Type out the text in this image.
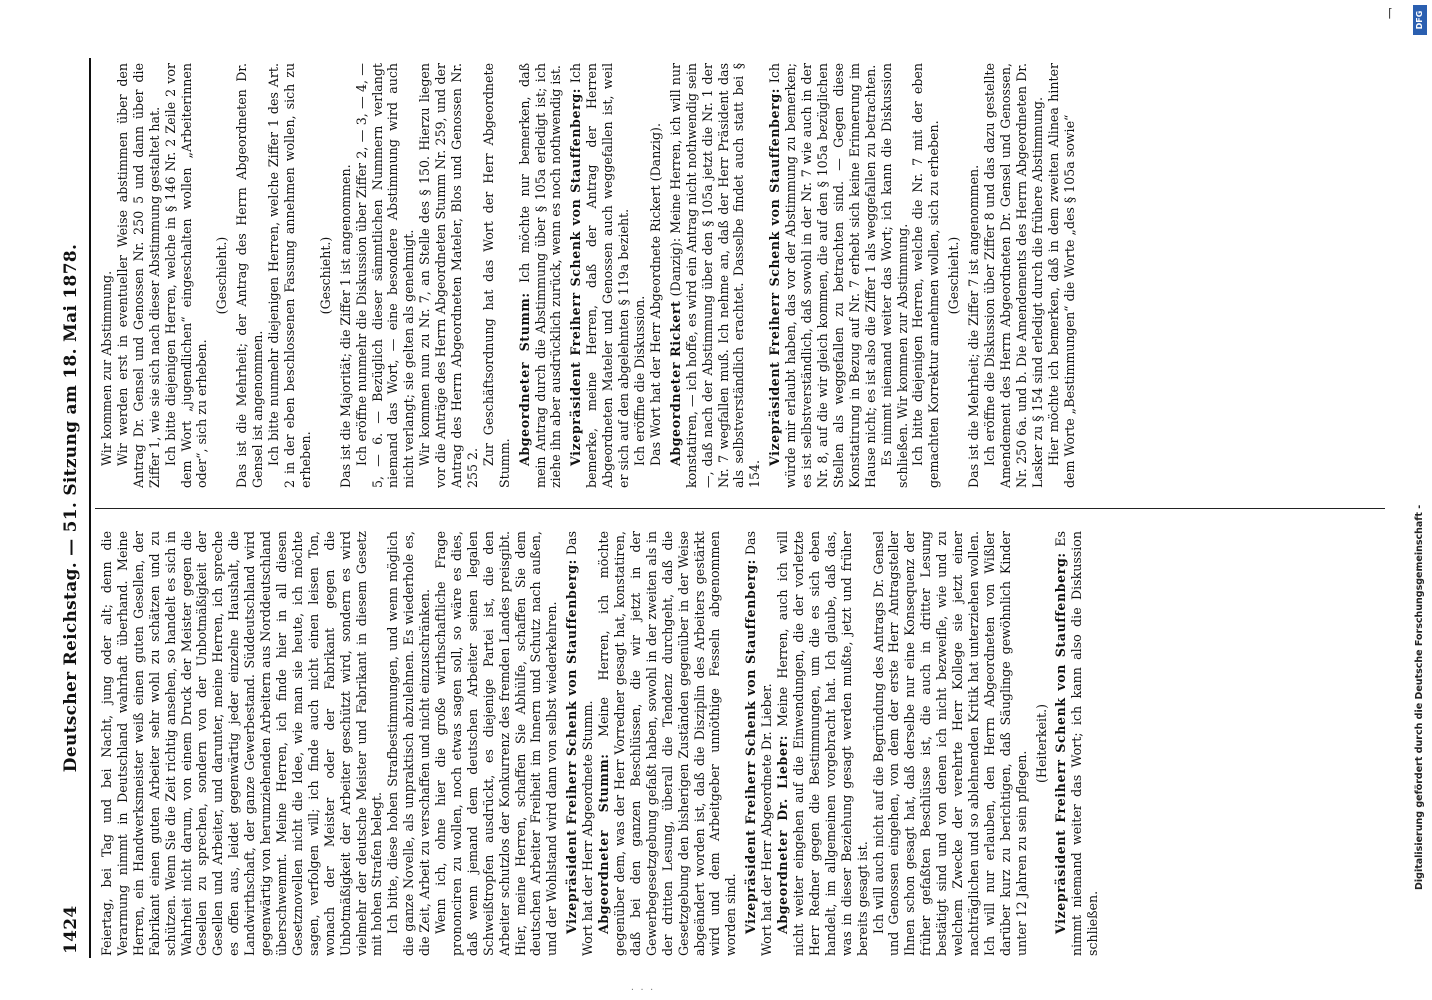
1424
Deutscher Reichstag. — 51. Sitzung am 18. Mai 1878. Feiertag, bei Tag und bei Nacht, jung oder alt; denn die Verarmung nimmt in Deutschland wahrhaft überhand. Meine Herren, ein Handwerksmeister weiß einen guten Gesellen, der Fabrikant einen guten Arbeiter sehr wohl zu schätzen und zu schützen. Wenn Sie die Zeit richtig ansehen, so handelt es sich in Wahrheit nicht darum, von einem Druck der Meister gegen die Gesellen zu sprechen, sondern von der Unbotmäßigkeit der Gesellen und Arbeiter, und darunter, meine Herren, ich spreche es offen aus, leidet gegenwärtig jeder einzelne Haushalt, die Landwirthschaft, der ganze Gewerbestand. Süddeutschland wird gegenwärtig von herumziehenden Arbeitern aus Norddeutschland überschwemmt. Meine Herren, ich finde hier in all diesen Gesetznovellen nicht die Idee, wie man sie heute, ich möchte sagen, verfolgen will; ich finde auch nicht einen leisen Ton, wonach der Meister oder der Fabrikant gegen die Unbotmäßigkeit der Arbeiter geschützt wird, sondern es wird vielmehr der deutsche Meister und Fabrikant in diesem Gesetz mit hohen Strafen belegt. Ich bitte, diese hohen Strafbestimmungen, und wenn möglich die ganze Novelle, als unpraktisch abzulehnen. Es wiederhole es, die Zeit, Arbeit zu verschaffen und nicht einzuschränken. Wenn ich, ohne hier die große wirthschaftliche Frage prononciren zu wollen, noch etwas sagen soll, so wäre es dies, daß wenn jemand dem deutschen Arbeiter seinen legalen Schweißtropfen ausdrückt, es diejenige Partei ist, die den Arbeiter schutzlos der Konkurrenz des fremden Landes preisgibt. Hier, meine Herren, schaffen Sie Abhülfe, schaffen Sie dem deutschen Arbeiter Freiheit im Innern und Schutz nach außen, und der Wohlstand wird dann von selbst wiederkehren. Vizepräsident Freiherr Schenk von Stauffenberg: Das Wort hat der Herr Abgeordnete Stumm. Abgeordneter Stumm: Meine Herren, ich möchte gegenüber dem, was der Herr Vorredner gesagt hat, konstatiren, daß bei den ganzen Beschlüssen, die wir jetzt in der Gewerbegesetzgebung gefaßt haben, sowohl in der zweiten als in der dritten Lesung, überall die Tendenz durchgeht, daß die Gesetzgebung den bisherigen Zuständen gegenüber in der Weise abgeändert worden ist, daß die Disziplin des Arbeiters gestärkt wird und dem Arbeitgeber unnöthige Fesseln abgenommen worden sind. Vizepräsident Freiherr Schenk von Stauffenberg: Das Wort hat der Herr Abgeordnete Dr. Lieber. Abgeordneter Dr. Lieber: Meine Herren, auch ich will nicht weiter eingehen auf die Einwendungen, die der vorletzte Herr Redner gegen die Bestimmungen, um die es sich eben handelt, im allgemeinen vorgebracht hat. Ich glaube, daß das, was in dieser Beziehung gesagt werden mußte, jetzt und früher bereits gesagt ist. Ich will auch nicht auf die Begründung des Antrags Dr. Gensel und Genossen eingehen, von dem der erste Herr Antragsteller Ihnen schon gesagt hat, daß derselbe nur eine Konsequenz der früher gefaßten Beschlüsse ist, die auch in dritter Lesung bestätigt sind und von denen ich nicht bezweifle, wie und zu welchem Zwecke der verehrte Herr Kollege sie jetzt einer nachträglichen und so ablehnenden Kritik hat unterziehen wollen. Ich will nur erlauben, den Herrn Abgeordneten von Wißler darüber kurz zu berichtigen, daß Säuglinge gewöhnlich Kinder unter 12 Jahren zu sein pflegen.

(Heiterkeit.) Vizepräsident Freiherr Schenk von Stauffenberg: Es nimmt niemand weiter das Wort; ich kann also die Diskussion schließen.

Wir kommen zur Abstimmung. Wir werden erst in eventueller Weise abstimmen über den Antrag Dr. Gensel und Genossen Nr. 250 5 und dann über die Ziffer 1, wie sie sich nach dieser Abstimmung gestaltet hat. Ich bitte diejenigen Herren, welche in § 146 Nr. 2 Zeile 2 vor dem Wort „jugendlichen“ eingeschalten wollen „Arbeiterinnen oder“, sich zu erheben.

(Geschieht.) Das ist die Mehrheit; der Antrag des Herrn Abgeordneten Dr. Gensel ist angenommen. Ich bitte nunmehr diejenigen Herren, welche Ziffer 1 des Art. 2 in der eben beschlossenen Fassung annehmen wollen, sich zu erheben.

(Geschieht.) Das ist die Majorität; die Ziffer 1 ist angenommen. Ich eröffne nunmehr die Diskussion über Ziffer 2, — 3, — 4, — 5, — 6. — Bezüglich dieser sämmtlichen Nummern verlangt niemand das Wort, — eine besondere Abstimmung wird auch nicht verlangt; sie gelten als genehmigt. Wir kommen nun zu Nr. 7, an Stelle des § 150. Hierzu liegen vor die Anträge des Herrn Abgeordneten Stumm Nr. 259, und der Antrag des Herrn Abgeordneten Mateler, Blos und Genossen Nr. 255 2.

Zur Geschäftsordnung hat das Wort der Herr Abgeordnete Stumm. Abgeordneter Stumm: Ich möchte nur bemerken, daß mein Antrag durch die Abstimmung über § 105a erledigt ist; ich ziehe ihn aber ausdrücklich zurück, wenn es noch nothwendig ist. Vizepräsident Freiherr Schenk von Stauffenberg: Ich bemerke, meine Herren, daß der Antrag der Herren Abgeordneten Mateler und Genossen auch weggefallen ist, weil er sich auf den abgelehnten § 119a bezieht. Ich eröffne die Diskussion. Das Wort hat der Herr Abgeordnete Rickert (Danzig). Abgeordneter Rickert (Danzig): Meine Herren, ich will nur konstatiren, — ich hoffe, es wird ein Antrag nicht nothwendig sein —, daß nach der Abstimmung über den § 105a jetzt die Nr. 1 der Nr. 7 wegfallen muß. Ich nehme an, daß der Herr Präsident das als selbstverständlich erachtet. Dasselbe findet auch statt bei § 154.

Vizepräsident Freiherr Schenk von Stauffenberg: Ich würde mir erlaubt haben, das vor der Abstimmung zu bemerken; es ist selbstverständlich, daß sowohl in der Nr. 7 wie auch in der Nr. 8, auf die wir gleich kommen, die auf den § 105a bezüglichen Stellen als weggefallen zu betrachten sind. — Gegen diese Konstatirung in Bezug auf Nr. 7 erhebt sich keine Erinnerung im Hause nicht; es ist also die Ziffer 1 als weggefallen zu betrachten. Es nimmt niemand weiter das Wort; ich kann die Diskussion schließen. Wir kommen zur Abstimmung. Ich bitte diejenigen Herren, welche die Nr. 7 mit der eben gemachten Korrektur annehmen wollen, sich zu erheben. (Geschieht.) Das ist die Mehrheit; die Ziffer 7 ist angenommen. Ich eröffne die Diskussion über Ziffer 8 und das dazu gestellte Amendement des Herrn Abgeordneten Dr. Gensel und Genossen, Nr. 250 6a. und b. Die Amendements des Herrn Abgeordneten Dr. Lasker zu § 154 sind erledigt durch die frühere Abstimmung. Hier möchte ich bemerken, daß in dem zweiten Alinea hinter dem Worte „Bestimmungen“ die Worte „des § 105a sowie“

⌈	DFG
Digitalisierung gefördert durch die Deutsche Forschungsgemeinschaft -
· · ·
